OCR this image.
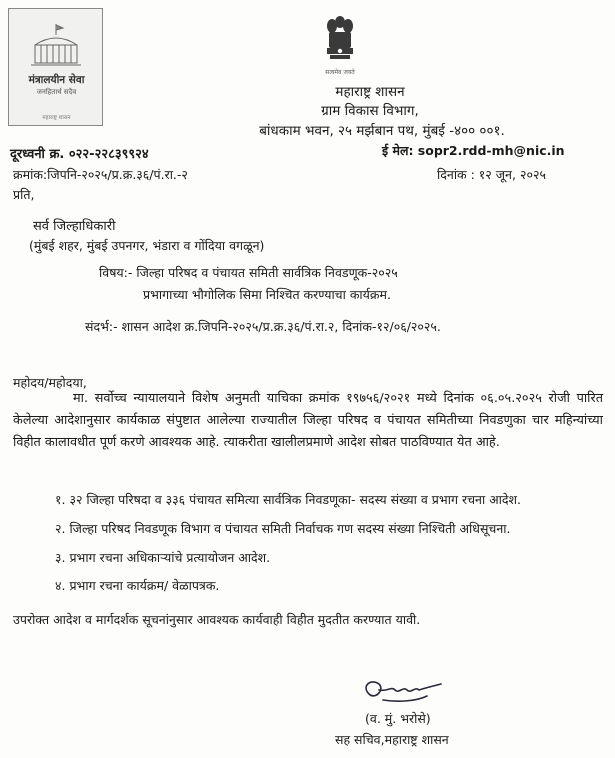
मंत्रालयीन सेवा
जनहितार्थ सदैव
महाराष्ट्र शासन
सत्यमेव जयते
महाराष्ट्र शासन
ग्राम विकास विभाग,
बांधकाम भवन, २५ मर्झबान पथ, मुंबई -४०० ००१.
दूरध्वनी क्र. ०२२-२२८३९९२४	ई मेल: sopr2.rdd-mh@nic.in
क्रमांक:जिपनि-२०२५/प्र.क्र.३६/पं.रा.-२	दिनांक : १२ जून, २०२५
प्रति,
सर्व जिल्हाधिकारी
(मुंबई शहर, मुंबई उपनगर, भंडारा व गोंदिया वगळून)
विषय:- जिल्हा परिषद व पंचायत समिती सार्वत्रिक निवडणूक-२०२५
प्रभागाच्या भौगोलिक सिमा निश्चित करण्याचा कार्यक्रम.
संदर्भ:- शासन आदेश क्र.जिपनि-२०२५/प्र.क्र.३६/पं.रा.२, दिनांक-१२/०६/२०२५.
महोदय/महोदया,

मा. सर्वोच्च न्यायालयाने विशेष अनुमती याचिका क्रमांक १९७५६/२०२१ मध्ये दिनांक ०६.०५.२०२५ रोजी पारित केलेल्या आदेशानुसार कार्यकाळ संपुष्टात आलेल्या राज्यातील जिल्हा परिषद व पंचायत समितीच्या निवडणुका चार महिन्यांच्या विहीत कालावधीत पूर्ण करणे आवश्यक आहे. त्याकरीता खालीलप्रमाणे आदेश सोबत पाठविण्यात येत आहे.

१. ३२ जिल्हा परिषदा व ३३६ पंचायत समित्या सार्वत्रिक निवडणूका- सदस्य संख्या व प्रभाग रचना आदेश.
२. जिल्हा परिषद निवडणूक विभाग व पंचायत समिती निर्वाचक गण सदस्य संख्या निश्चिती अधिसूचना.
३. प्रभाग रचना अधिकाऱ्यांचे प्रत्यायोजन आदेश.
४. प्रभाग रचना कार्यक्रम/ वेळापत्रक.
उपरोक्त आदेश व मार्गदर्शक सूचनांनुसार आवश्यक कार्यवाही विहीत मुदतीत करण्यात यावी.
(व. मुं. भरोसे)
सह सचिव,महाराष्ट्र शासन
